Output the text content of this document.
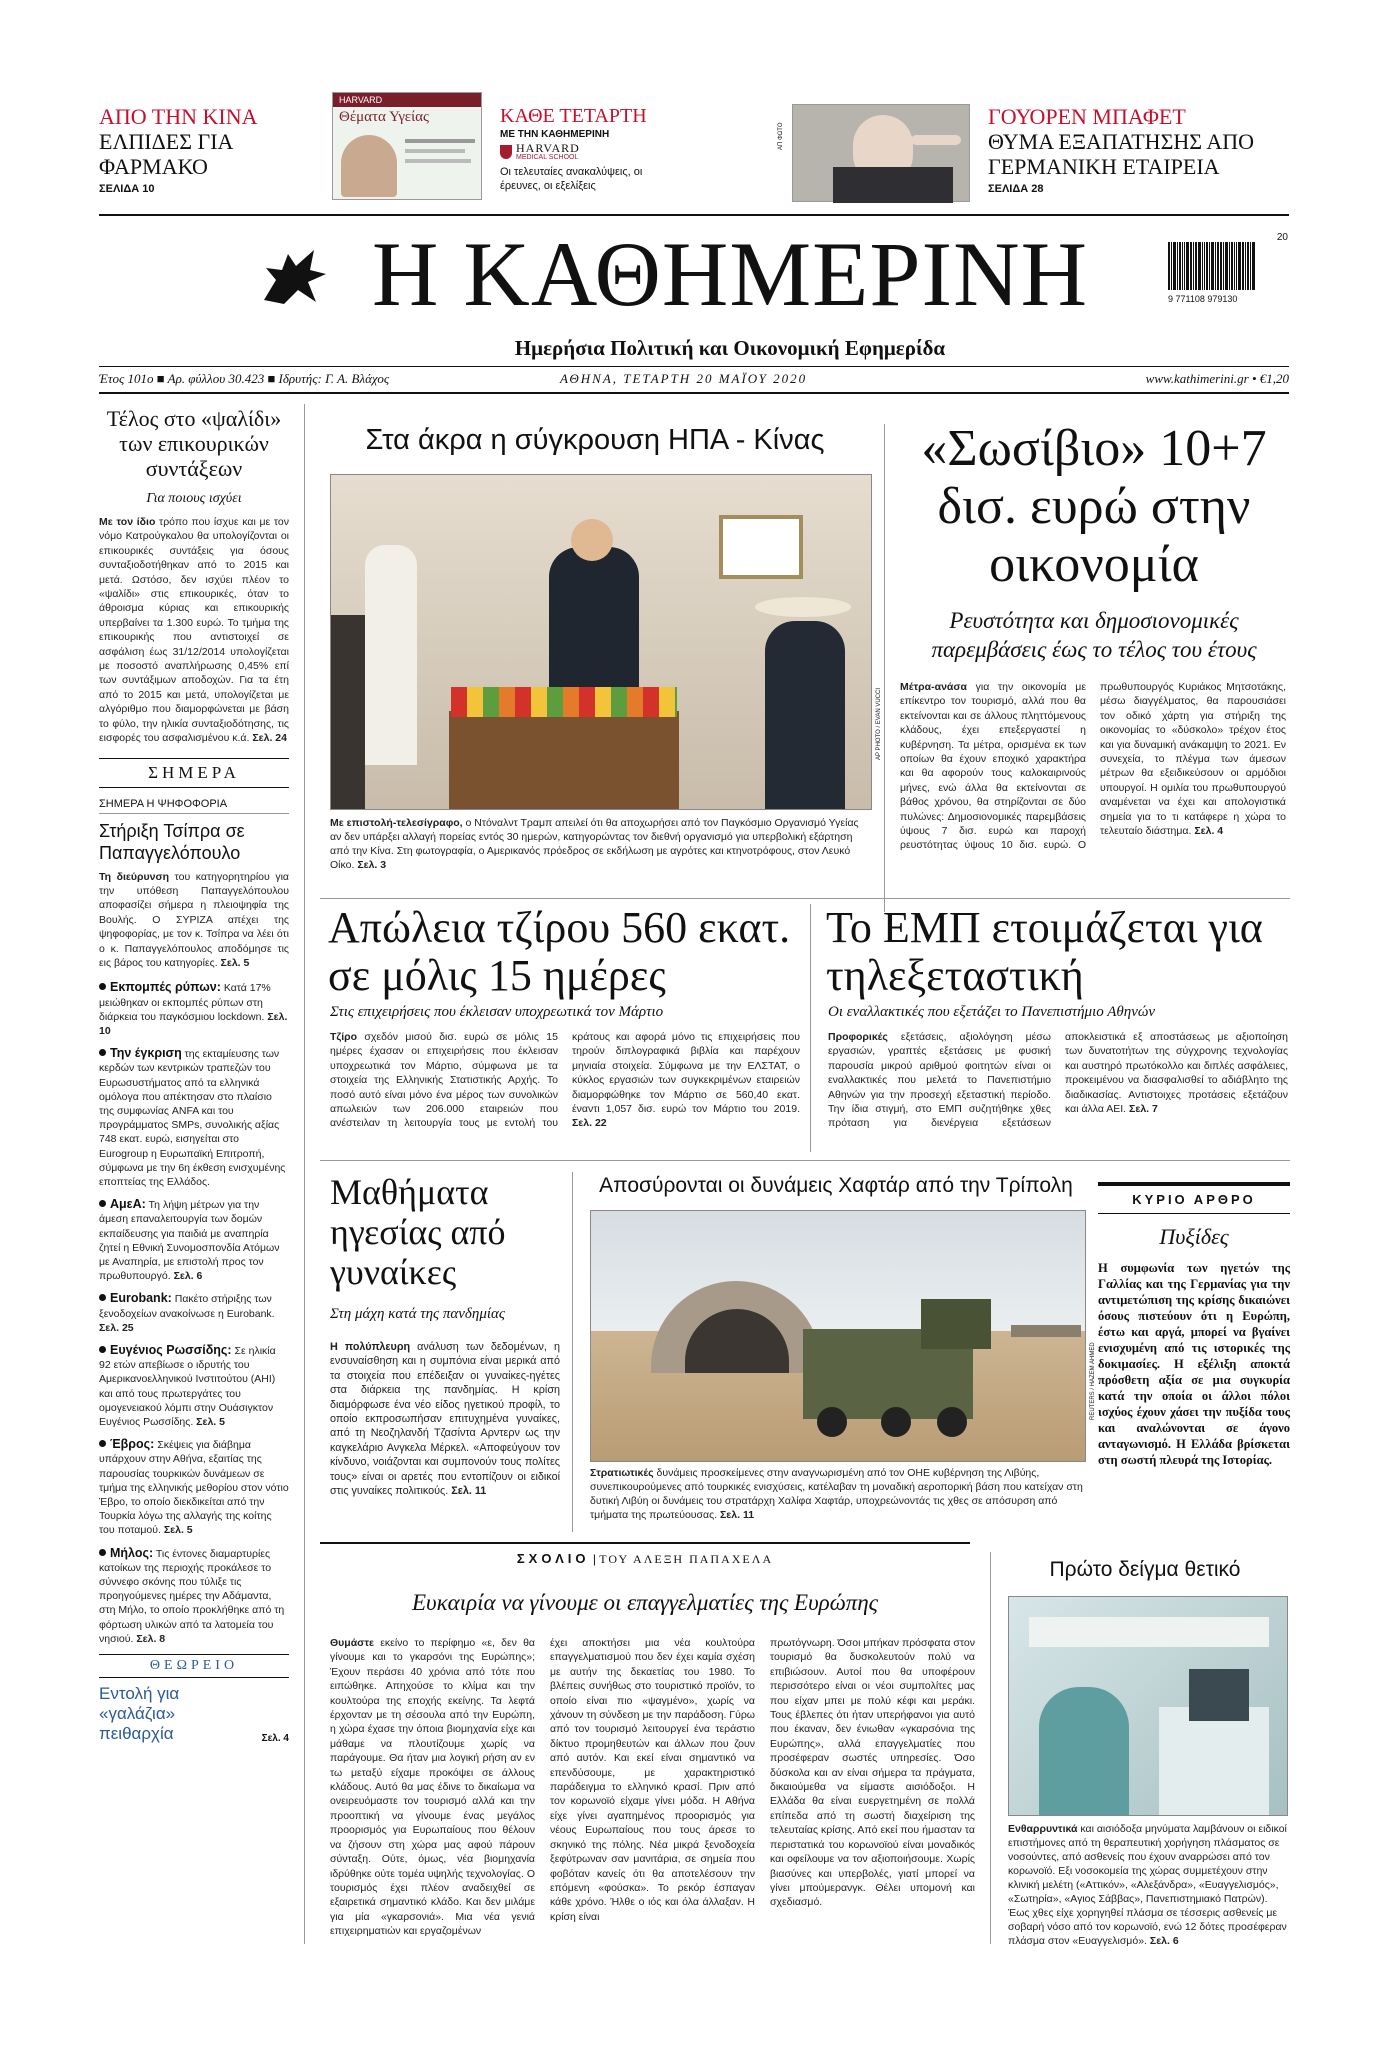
ΑΠΟ ΤΗΝ ΚΙΝΑ
ΕΛΠΙΔΕΣ ΓΙΑ ΦΑΡΜΑΚΟ
ΣΕΛΙΔΑ 10
HARVARD
Θέματα Υγείας	ΚΑΘΕ ΤΕΤΑΡΤΗ
ΜΕ ΤΗΝ ΚΑΘΗΜΕΡΙΝΗ
HARVARD
MEDICAL SCHOOL
Οι τελευταίες ανακαλύψεις, οι έρευνες, οι εξελίξεις
ΑΠ ΦΩΤΟ
ΓΟΥΟΡΕΝ ΜΠΑΦΕΤ
ΘΥΜΑ ΕΞΑΠΑΤΗΣΗΣ ΑΠΟ ΓΕΡΜΑΝΙΚΗ ΕΤΑΙΡΕΙΑ
ΣΕΛΙΔΑ 28
Η ΚΑΘΗΜΕΡΙΝΗ	20
9 771108 979130
Ημερήσια Πολιτική και Οικονομική Εφημερίδα
Έτος 101ο ■ Αρ. φύλλου 30.423 ■ Ιδρυτής: Γ. Α. Βλάχος	ΑΘΗΝΑ, ΤΕΤΑΡΤΗ 20 ΜΑΪΟΥ 2020	www.kathimerini.gr • €1,20
Τέλος στο «ψαλίδι» των επικουρικών συντάξεων
Για ποιους ισχύει
Με τον ίδιο τρόπο που ίσχυε και με τον νόμο Κατρούγκαλου θα υπολογίζονται οι επικουρικές συντάξεις για όσους συνταξιοδοτήθηκαν από το 2015 και μετά. Ωστόσο, δεν ισχύει πλέον το «ψαλίδι» στις επικουρικές, όταν το άθροισμα κύριας και επικουρικής υπερβαίνει τα 1.300 ευρώ. Το τμήμα της επικουρικής που αντιστοιχεί σε ασφάλιση έως 31/12/2014 υπολογίζεται με ποσοστό αναπλήρωσης 0,45% επί των συντάξιμων αποδοχών. Για τα έτη από το 2015 και μετά, υπολογίζεται με αλγόριθμο που διαμορφώνεται με βάση το φύλο, την ηλικία συνταξιοδότησης, τις εισφορές του ασφαλισμένου κ.ά. Σελ. 24
ΣΗΜΕΡΑ
ΣΗΜΕΡΑ Η ΨΗΦΟΦΟΡΙΑ
Στήριξη Τσίπρα σε Παπαγγελόπουλο
Τη διεύρυνση του κατηγορητηρίου για την υπόθεση Παπαγγελόπουλου αποφασίζει σήμερα η πλειοψηφία της Βουλής. Ο ΣΥΡΙΖΑ απέχει της ψηφοφορίας, με τον κ. Τσίπρα να λέει ότι ο κ. Παπαγγελόπουλος αποδόμησε τις εις βάρος του κατηγορίες. Σελ. 5
Εκπομπές ρύπων: Κατά 17% μειώθηκαν οι εκπομπές ρύπων στη διάρκεια του παγκόσμιου lockdown. Σελ. 10
Την έγκριση της εκταμίευσης των κερδών των κεντρικών τραπεζών του Ευρωσυστήματος από τα ελληνικά ομόλογα που απέκτησαν στο πλαίσιο της συμφωνίας ANFA και του προγράμματος SMPs, συνολικής αξίας 748 εκατ. ευρώ, εισηγείται στο Eurogroup η Ευρωπαϊκή Επιτροπή, σύμφωνα με την 6η έκθεση ενισχυμένης εποπτείας της Ελλάδος.
ΑμεΑ: Τη λήψη μέτρων για την άμεση επαναλειτουργία των δομών εκπαίδευσης για παιδιά με αναπηρία ζητεί η Εθνική Συνομοσπονδία Ατόμων με Αναπηρία, με επιστολή προς τον πρωθυπουργό. Σελ. 6
Eurobank: Πακέτο στήριξης των ξενοδοχείων ανακοίνωσε η Eurobank. Σελ. 25
Ευγένιος Ρωσσίδης: Σε ηλικία 92 ετών απεβίωσε ο ιδρυτής του Αμερικανοελληνικού Ινστιτούτου (AHI) και από τους πρωτεργάτες του ομογενειακού λόμπι στην Ουάσιγκτον Ευγένιος Ρωσσίδης. Σελ. 5
Έβρος: Σκέψεις για διάβημα υπάρχουν στην Αθήνα, εξαιτίας της παρουσίας τουρκικών δυνάμεων σε τμήμα της ελληνικής μεθορίου στον νότιο Έβρο, το οποίο διεκδικείται από την Τουρκία λόγω της αλλαγής της κοίτης του ποταμού. Σελ. 5
Μήλος: Τις έντονες διαμαρτυρίες κατοίκων της περιοχής προκάλεσε το σύννεφο σκόνης που τύλιξε τις προηγούμενες ημέρες την Αδάμαντα, στη Μήλο, το οποίο προκλήθηκε από τη φόρτωση υλικών από τα λατομεία του νησιού. Σελ. 8
ΘΕΩΡΕΙΟ
Εντολή για «γαλάζια» πειθαρχία	Σελ. 4
Στα άκρα η σύγκρουση ΗΠΑ - Κίνας
AP PHOTO / EVAN VUCCI
Με επιστολή-τελεσίγραφο, ο Ντόναλντ Τραμπ απειλεί ότι θα αποχωρήσει από τον Παγκόσμιο Οργανισμό Υγείας αν δεν υπάρξει αλλαγή πορείας εντός 30 ημερών, κατηγορώντας τον διεθνή οργανισμό για υπερβολική εξάρτηση από την Κίνα. Στη φωτογραφία, ο Αμερικανός πρόεδρος σε εκδήλωση με αγρότες και κτηνοτρόφους, στον Λευκό Οίκο. Σελ. 3
«Σωσίβιο» 10+7 δισ. ευρώ στην οικονομία
Ρευστότητα και δημοσιονομικές παρεμβάσεις έως το τέλος του έτους
Μέτρα-ανάσα για την οικονομία με επίκεντρο τον τουρισμό, αλλά που θα εκτείνονται και σε άλλους πληττόμενους κλάδους, έχει επεξεργαστεί η κυβέρνηση. Τα μέτρα, ορισμένα εκ των οποίων θα έχουν εποχικό χαρακτήρα και θα αφορούν τους καλοκαιρινούς μήνες, ενώ άλλα θα εκτείνονται σε βάθος χρόνου, θα στηρίζονται σε δύο πυλώνες: Δημοσιονομικές παρεμβάσεις ύψους 7 δισ. ευρώ και παροχή ρευστότητας ύψους 10 δισ. ευρώ. Ο πρωθυπουργός Κυριάκος Μητσοτάκης, μέσω διαγγέλματος, θα παρουσιάσει τον οδικό χάρτη για στήριξη της οικονομίας το «δύσκολο» τρέχον έτος και για δυναμική ανάκαμψη το 2021. Εν συνεχεία, το πλέγμα των άμεσων μέτρων θα εξειδικεύσουν οι αρμόδιοι υπουργοί. Η ομιλία του πρωθυπουργού αναμένεται να έχει και απολογιστικά σημεία για το τι κατάφερε η χώρα το τελευταίο διάστημα. Σελ. 4
Απώλεια τζίρου 560 εκατ. σε μόλις 15 ημέρες
Στις επιχειρήσεις που έκλεισαν υποχρεωτικά τον Μάρτιο
Τζίρο σχεδόν μισού δισ. ευρώ σε μόλις 15 ημέρες έχασαν οι επιχειρήσεις που έκλεισαν υποχρεωτικά τον Μάρτιο, σύμφωνα με τα στοιχεία της Ελληνικής Στατιστικής Αρχής. Το ποσό αυτό είναι μόνο ένα μέρος των συνολικών απωλειών των 206.000 εταιρειών που ανέστειλαν τη λειτουργία τους με εντολή του κράτους και αφορά μόνο τις επιχειρήσεις που τηρούν διπλογραφικά βιβλία και παρέχουν μηνιαία στοιχεία. Σύμφωνα με την ΕΛΣΤΑΤ, ο κύκλος εργασιών των συγκεκριμένων εταιρειών διαμορφώθηκε τον Μάρτιο σε 560,40 εκατ. έναντι 1,057 δισ. ευρώ τον Μάρτιο του 2019. Σελ. 22
Το ΕΜΠ ετοιμάζεται για τηλεξεταστική
Οι εναλλακτικές που εξετάζει το Πανεπιστήμιο Αθηνών
Προφορικές εξετάσεις, αξιολόγηση μέσω εργασιών, γραπτές εξετάσεις με φυσική παρουσία μικρού αριθμού φοιτητών είναι οι εναλλακτικές που μελετά το Πανεπιστήμιο Αθηνών για την προσεχή εξεταστική περίοδο. Την ίδια στιγμή, στο ΕΜΠ συζητήθηκε χθες πρόταση για διενέργεια εξετάσεων αποκλειστικά εξ αποστάσεως με αξιοποίηση των δυνατοτήτων της σύγχρονης τεχνολογίας και αυστηρό πρωτόκολλο και διπλές ασφάλειες, προκειμένου να διασφαλισθεί το αδιάβλητο της διαδικασίας. Αντιστοιχες προτάσεις εξετάζουν και άλλα ΑΕΙ. Σελ. 7
Μαθήματα ηγεσίας από γυναίκες
Στη μάχη κατά της πανδημίας
Η πολύπλευρη ανάλυση των δεδομένων, η ενσυναίσθηση και η συμπόνια είναι μερικά από τα στοιχεία που επέδειξαν οι γυναίκες-ηγέτες στα διάρκεια της πανδημίας. Η κρίση διαμόρφωσε ένα νέο είδος ηγετικού προφίλ, το οποίο εκπροσωπήσαν επιτυχημένα γυναίκες, από τη Νεοζηλανδή Τζασίντα Αρντερν ως την καγκελάριο Ανγκελα Μέρκελ. «Αποφεύγουν τον κίνδυνο, νοιάζονται και συμπονούν τους πολίτες τους» είναι οι αρετές που εντοπίζουν οι ειδικοί στις γυναίκες πολιτικούς. Σελ. 11
Αποσύρονται οι δυνάμεις Χαφτάρ από την Τρίπολη
REUTERS / HAZEM AHMED
Στρατιωτικές δυνάμεις προσκείμενες στην αναγνωρισμένη από τον ΟΗΕ κυβέρνηση της Λιβύης, συνεπικουρούμενες από τουρκικές ενισχύσεις, κατέλαβαν τη μοναδική αεροπορική βάση που κατείχαν στη δυτική Λιβύη οι δυνάμεις του στρατάρχη Χαλίφα Χαφτάρ, υποχρεώνοντάς τις χθες σε απόσυρση από τμήματα της πρωτεύουσας. Σελ. 11
ΚΥΡΙΟ ΑΡΘΡΟ
Πυξίδες
Η συμφωνία των ηγετών της Γαλλίας και της Γερμανίας για την αντιμετώπιση της κρίσης δικαιώνει όσους πιστεύουν ότι η Ευρώπη, έστω και αργά, μπορεί να βγαίνει ενισχυμένη από τις ιστορικές της δοκιμασίες. Η εξέλιξη αποκτά πρόσθετη αξία σε μια συγκυρία κατά την οποία οι άλλοι πόλοι ισχύος έχουν χάσει την πυξίδα τους και αναλώνονται σε άγονο ανταγωνισμό. Η Ελλάδα βρίσκεται στη σωστή πλευρά της Ιστορίας.
ΣΧΟΛΙΟ | ΤΟΥ ΑΛΕΞΗ ΠΑΠΑΧΕΛΑ
Ευκαιρία να γίνουμε οι επαγγελματίες της Ευρώπης
Θυμάστε εκείνο το περίφημο «ε, δεν θα γίνουμε και το γκαρσόνι της Ευρώπης»; Έχουν περάσει 40 χρόνια από τότε που ειπώθηκε. Απηχούσε το κλίμα και την κουλτούρα της εποχής εκείνης. Τα λεφτά έρχονταν με τη σέσουλα από την Ευρώπη, η χώρα έχασε την όποια βιομηχανία είχε και μάθαμε να πλουτίζουμε χωρίς να παράγουμε. Θα ήταν μια λογική ρήση αν εν τω μεταξύ είχαμε προκόψει σε άλλους κλάδους. Αυτό θα μας έδινε το δικαίωμα να ονειρευόμαστε τον τουρισμό αλλά και την προοπτική να γίνουμε ένας μεγάλος προορισμός για Ευρωπαίους που θέλουν να ζήσουν στη χώρα μας αφού πάρουν σύνταξη. Ούτε, όμως, νέα βιομηχανία ιδρύθηκε ούτε τομέα υψηλής τεχνολογίας. Ο τουρισμός έχει πλέον αναδειχθεί σε εξαιρετικά σημαντικό κλάδο. Και δεν μιλάμε για μία «γκαρσονιά». Μια νέα γενιά επιχειρηματιών και εργαζομένων
έχει αποκτήσει μια νέα κουλτούρα επαγγελματισμού που δεν έχει καμία σχέση με αυτήν της δεκαετίας του 1980. Το βλέπεις συνήθως στο τουριστικό προϊόν, το οποίο είναι πιο «ψαγμένο», χωρίς να χάνουν τη σύνδεση με την παράδοση. Γύρω από τον τουρισμό λειτουργεί ένα τεράστιο δίκτυο προμηθευτών και άλλων που ζουν από αυτόν. Και εκεί είναι σημαντικό να επενδύσουμε, με χαρακτηριστικό παράδειγμα το ελληνικό κρασί. Πριν από τον κορωνοϊό είχαμε γίνει μόδα. Η Αθήνα είχε γίνει αγαπημένος προορισμός για νέους Ευρωπαίους που τους άρεσε το σκηνικό της πόλης. Νέα μικρά ξενοδοχεία ξεφύτρωναν σαν μανιτάρια, σε σημεία που φοβόταν κανείς ότι θα αποτελέσουν την επόμενη «φούσκα». Το ρεκόρ έσπαγαν κάθε χρόνο. Ήλθε ο ιός και όλα άλλαξαν. Η κρίση είναι
πρωτόγνωρη. Όσοι μπήκαν πρόσφατα στον τουρισμό θα δυσκολευτούν πολύ να επιβιώσουν. Αυτοί που θα υποφέρουν περισσότερο είναι οι νέοι συμπολίτες μας που είχαν μπει με πολύ κέφι και μεράκι. Τους έβλεπες ότι ήταν υπερήφανοι για αυτό που έκαναν, δεν ένιωθαν «γκαρσόνια της Ευρώπης», αλλά επαγγελματίες που προσέφεραν σωστές υπηρεσίες. Όσο δύσκολα και αν είναι σήμερα τα πράγματα, δικαιούμεθα να είμαστε αισιόδοξοι. Η Ελλάδα θα είναι ευεργετημένη σε πολλά επίπεδα από τη σωστή διαχείριση της τελευταίας κρίσης. Από εκεί που ήμασταν τα περιστατικά του κορωνοϊού είναι μοναδικός και οφείλουμε να τον αξιοποιήσουμε. Χωρίς βιασύνες και υπερβολές, γιατί μπορεί να γίνει μπούμερανγκ. Θέλει υπομονή και σχεδιασμό.
Πρώτο δείγμα θετικό
Ενθαρρυντικά και αισιόδοξα μηνύματα λαμβάνουν οι ειδικοί επιστήμονες από τη θεραπευτική χορήγηση πλάσματος σε νοσούντες, από ασθενείς που έχουν αναρρώσει από τον κορωνοϊό. Εξι νοσοκομεία της χώρας συμμετέχουν στην κλινική μελέτη («Αττικόν», «Αλεξάνδρα», «Ευαγγελισμός», «Σωτηρία», «Αγιος Σάββας», Πανεπιστημιακό Πατρών). Έως χθες είχε χορηγηθεί πλάσμα σε τέσσερις ασθενείς με σοβαρή νόσο από τον κορωνοϊό, ενώ 12 δότες προσέφεραν πλάσμα στον «Ευαγγελισμό». Σελ. 6
